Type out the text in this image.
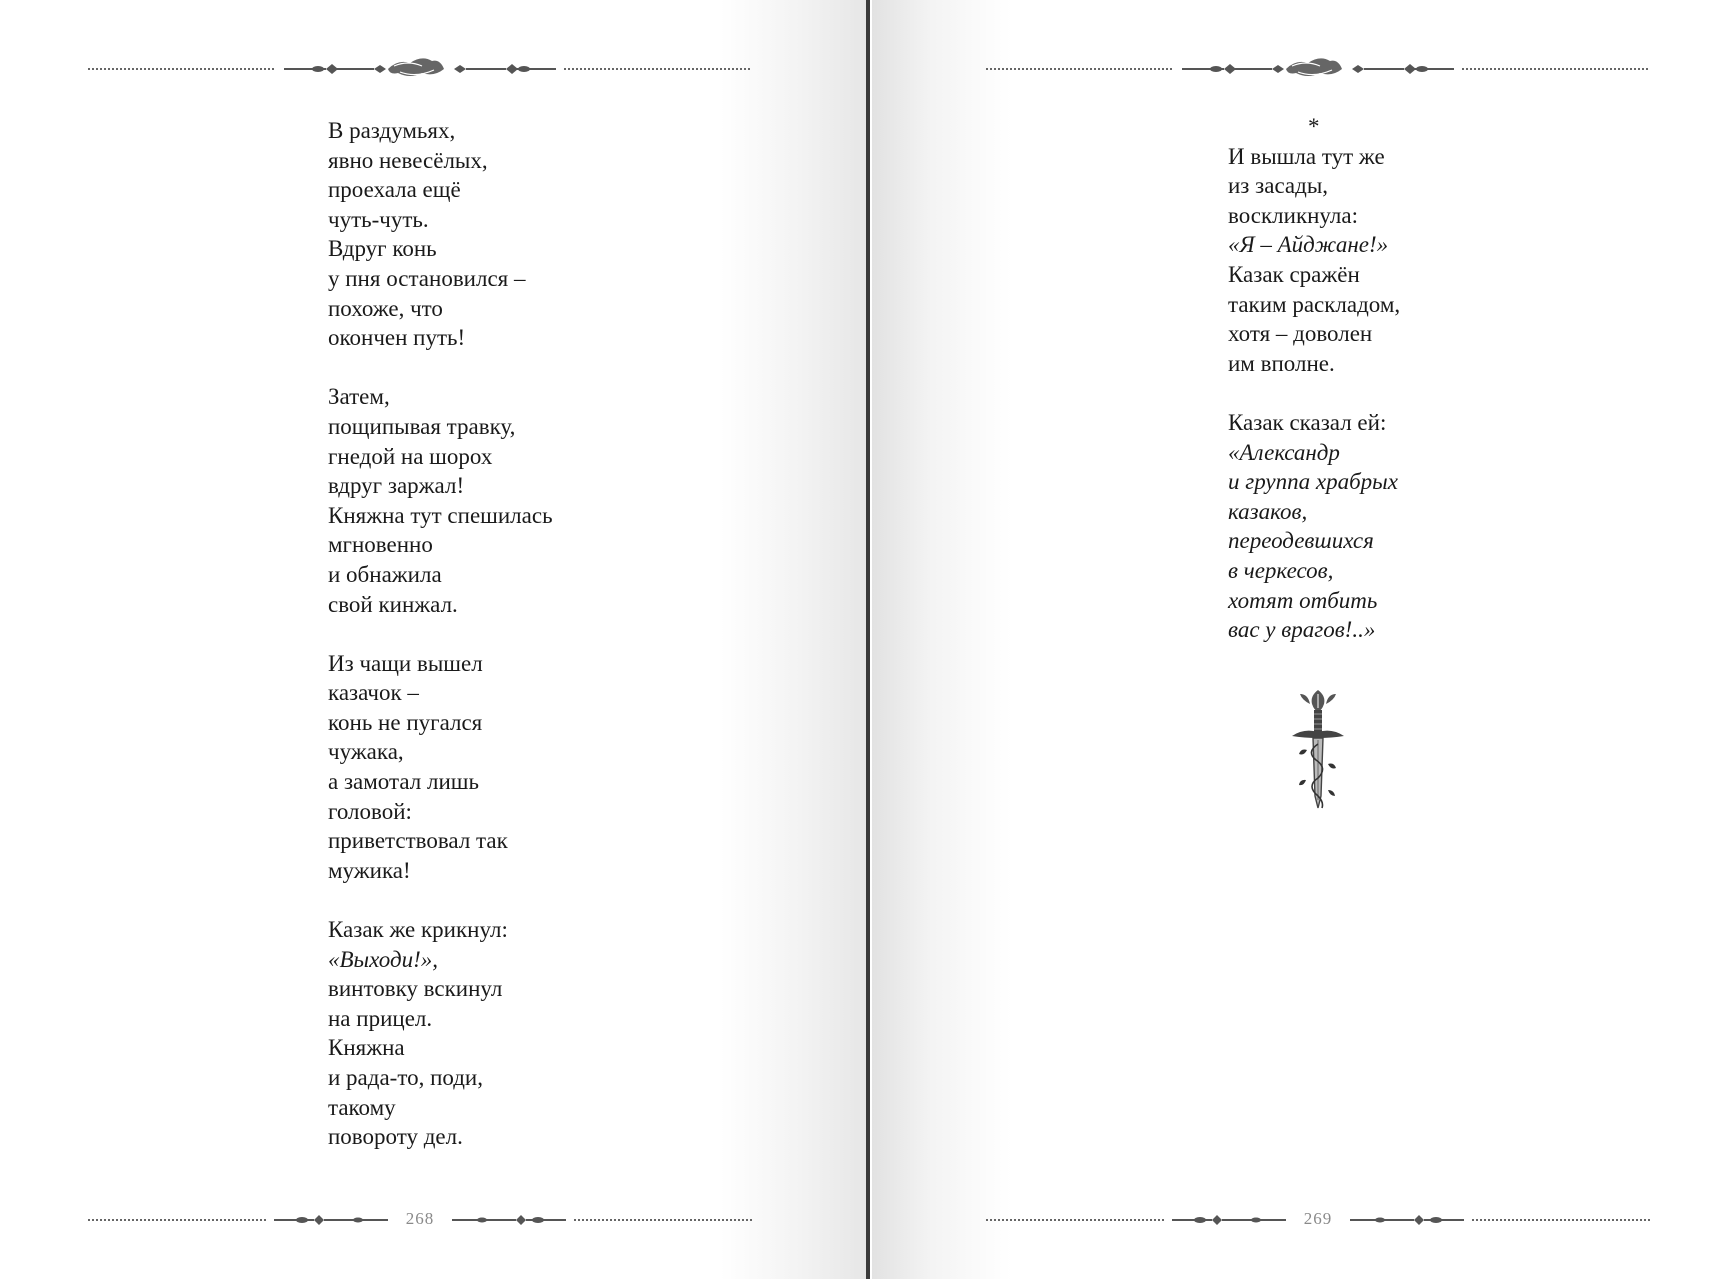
В раздумьях,
явно невесёлых,
проехала ещё
чуть-чуть.
Вдруг конь
у пня остановился –
похоже, что
окончен путь!
Затем,
пощипывая травку,
гнедой на шорох
вдруг заржал!
Княжна тут спешилась
мгновенно
и обнажила
свой кинжал.
Из чащи вышел
казачок –
конь не пугался
чужака,
а замотал лишь
головой:
приветствовал так
мужика!
Казак же крикнул:
«Выходи!»,
винтовку вскинул
на прицел.
Княжна
и рада-то, поди,
такому
повороту дел.
*
И вышла тут же
из засады,
воскликнула:
«Я – Айджане!»
Казак сражён
таким раскладом,
хотя – доволен
им вполне.
Казак сказал ей:
«Александр
и группа храбрых
казаков,
переодевшихся
в черкесов,
хотят отбить
вас у врагов!..»
268	269
